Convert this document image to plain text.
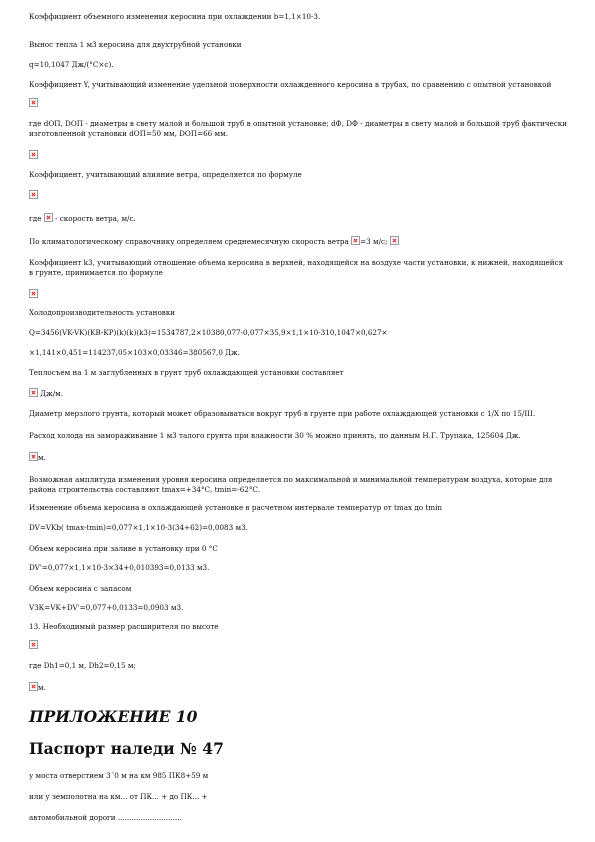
Коэффициент объемного изменения керосина при охлаждении b=1,1×10-3.
Вынос тепла 1 м3 керосина для двухтрубной установки
q=10,1047 Дж/(°C×с).
Коэффициент Y, учитывающий изменение удельной поверхности охлажденного керосина в трубах, по сравнению с опытной установкой
где dОП, DОП - диаметры в свету малой и большой труб в опытной установке; dФ, DФ - диаметры в свету малой и большой труб фактически изготовленной установки dОП=50 мм, DОП=66 мм.
Коэффициент, учитывающий влияние ветра, определяется по формуле
где - скорость ветра, м/с.
По климатологическому справочнику определяем среднемесячную скорость ветра =3 м/с;
Коэффициент k3, учитывающий отношение объема керосина в верхней, находящейся на воздухе части установки, к нижней, находящейся в грунте, принимается по формуле
Холодопроизводительность установки
Q=3456(VK-VK)(KB-KP)(k)(k)(k3)=1534787,2×10380,077-0,077×35,9×1,1×10-310,1047×0,627×
×1,141×0,451=114237,05×103×0,03346=380567,0 Дж.
Теплосъем на 1 м заглубленных в грунт труб охлаждающей установки составляет
Дж/м.
Диаметр мерзлого грунта, который может образовываться вокруг труб в грунте при работе охлаждающей установки с 1/X по 15/III.
Расход холода на замораживание 1 м3 талого грунта при влажности 30 % можно принять, по данным Н.Г. Трупака, 125604 Дж.
м.
Возможная амплитуда изменения уровня керосина определяется по максимальной и минимальной температурам воздуха, которые для района строительства составляют tmax=+34°С, tmin=-62°С.
Изменение объема керосина в охлаждающей установке в расчетном интервале температур от tmax до tmin
DV=VKb( tmax-tmin)=0,077×1,1×10-3(34+62)=0,0083 м3.
Объем керосина при заливе в установку при 0 °С
DV'=0,077×1,1×10-3×34+0,010393=0,0133 м3.
Объем керосина с запасом
VЗК=VK+DV'=0,077+0,0133=0,0903 м3.
13. Необходимый размер расширителя по высоте
где Dh1=0,1 м, Dh2=0,15 м;
м.
ПРИЛОЖЕНИЕ 10
Паспорт наледи № 47
у моста отверстием 3´0 м на км 985 ПК8+59 м
или у земполотна на км... от ПК... + до ПК... +
автомобильной дороги ............................
